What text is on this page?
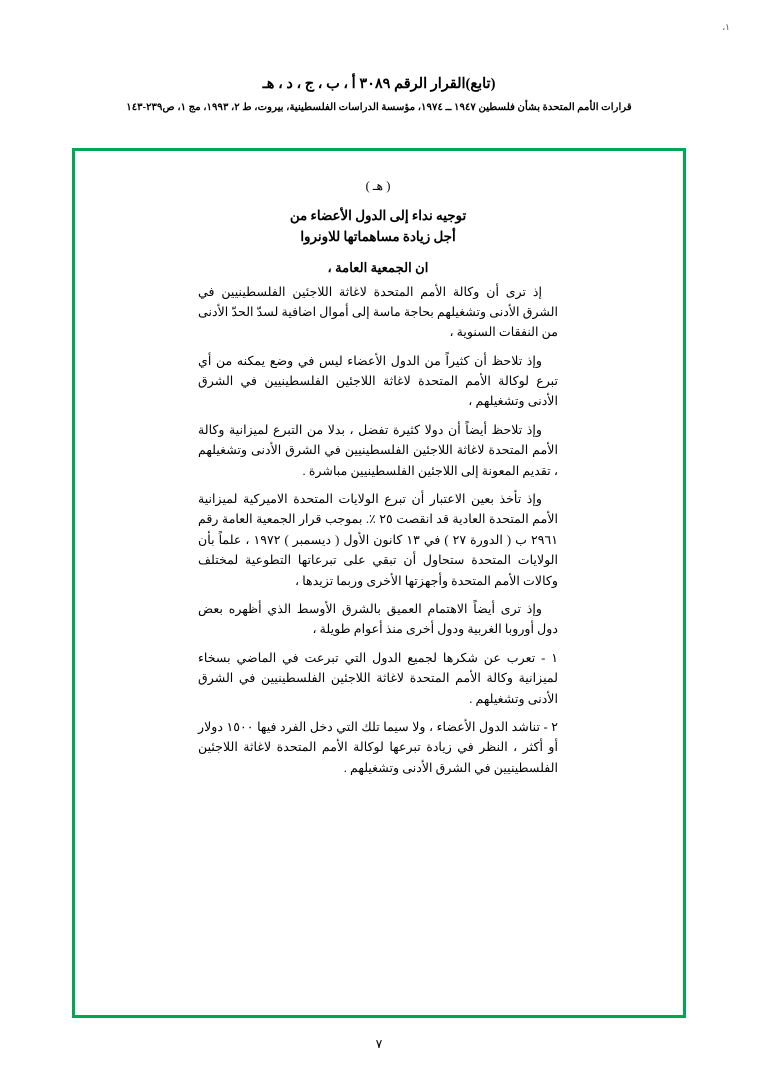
١،
(تابع)القرار الرقم ٣٠٨٩ أ ، ب ، ج ، د ، هـ
قرارات الأمم المتحدة بشأن فلسطين ١٩٤٧ ــ ١٩٧٤، مؤسسة الدراسات الفلسطينية، بيروت، ط ٢، ١٩٩٣، مج ١، ص٢٣٩-١٤٣
( هـ )
توجيه نداء إلى الدول الأعضاء من
أجل زيادة مساهماتها للاونروا
ان الجمعية العامة ،

إذ ترى أن وكالة الأمم المتحدة لاغاثة اللاجئين الفلسطينيين في الشرق الأدنى وتشغيلهم بحاجة ماسة إلى أموال اضافية لسدّ الحدّ الأدنى من النفقات السنوية ،

وإذ تلاحظ أن كثيراً من الدول الأعضاء ليس في وضع يمكنه من أي تبرع لوكالة الأمم المتحدة لاغاثة اللاجئين الفلسطينيين في الشرق الأدنى وتشغيلهم ،

وإذ تلاحظ أيضاً أن دولا كثيرة تفضل ، بدلا من التبرع لميزانية وكالة الأمم المتحدة لاغاثة اللاجئين الفلسطينيين في الشرق الأدنى وتشغيلهم ، تقديم المعونة إلى اللاجئين الفلسطينيين مباشرة .

وإذ تأخذ بعين الاعتبار أن تبرع الولايات المتحدة الاميركية لميزانية الأمم المتحدة العادية قد انقصت ٢٥ ٪. بموجب قرار الجمعية العامة رقم ٢٩٦١ ب ( الدورة ٢٧ ) في ١٣ كانون الأول ( ديسمبر ) ١٩٧٢ ، علماً بأن الولايات المتحدة ستحاول أن تبقي على تبرعاتها التطوعية لمختلف وكالات الأمم المتحدة وأجهزتها الأخرى وربما تزيدها ،

وإذ ترى أيضاً الاهتمام العميق بالشرق الأوسط الذي أظهره بعض دول أوروبا الغربية ودول أخرى منذ أعوام طويلة ،

١ - تعرب عن شكرها لجميع الدول التي تبرعت في الماضي بسخاء لميزانية وكالة الأمم المتحدة لاغاثة اللاجئين الفلسطينيين في الشرق الأدنى وتشغيلهم .

٢ - تناشد الدول الأعضاء ، ولا سيما تلك التي دخل الفرد فيها ١٥٠٠ دولار أو أكثر ، النظر في زيادة تبرعها لوكالة الأمم المتحدة لاغاثة اللاجئين الفلسطينيين في الشرق الأدنى وتشغيلهم .

٧
